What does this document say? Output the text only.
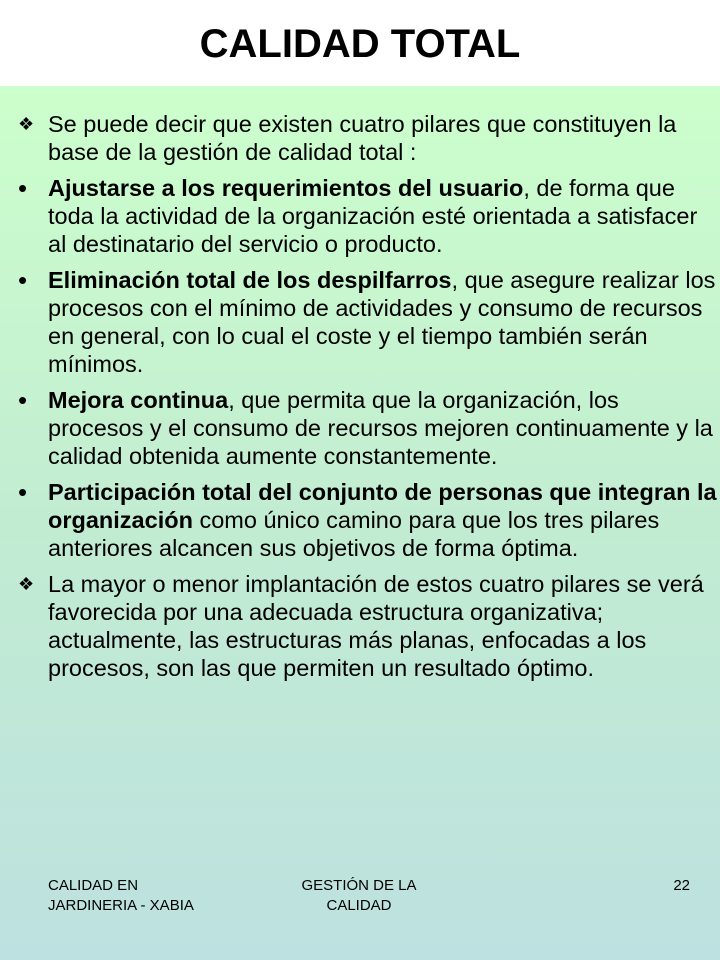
CALIDAD TOTAL
❖ Se puede decir que existen cuatro pilares que constituyen la base de la gestión de calidad total :
• Ajustarse a los requerimientos del usuario, de forma que toda la actividad de la organización esté orientada a satisfacer al destinatario del servicio o producto.
• Eliminación total de los despilfarros, que asegure realizar los procesos con el mínimo de actividades y consumo de recursos en general, con lo cual el coste y el tiempo también serán mínimos.
• Mejora continua, que permita que la organización, los procesos y el consumo de recursos mejoren continuamente y la calidad obtenida aumente constantemente.
• Participación total del conjunto de personas que integran la organización como único camino para que los tres pilares anteriores alcancen sus objetivos de forma óptima.
❖ La mayor o menor implantación de estos cuatro pilares se verá favorecida por una adecuada estructura organizativa; actualmente, las estructuras más planas, enfocadas a los procesos, son las que permiten un resultado óptimo.
CALIDAD EN JARDINERIA - XABIA
GESTIÓN DE LA CALIDAD
22
